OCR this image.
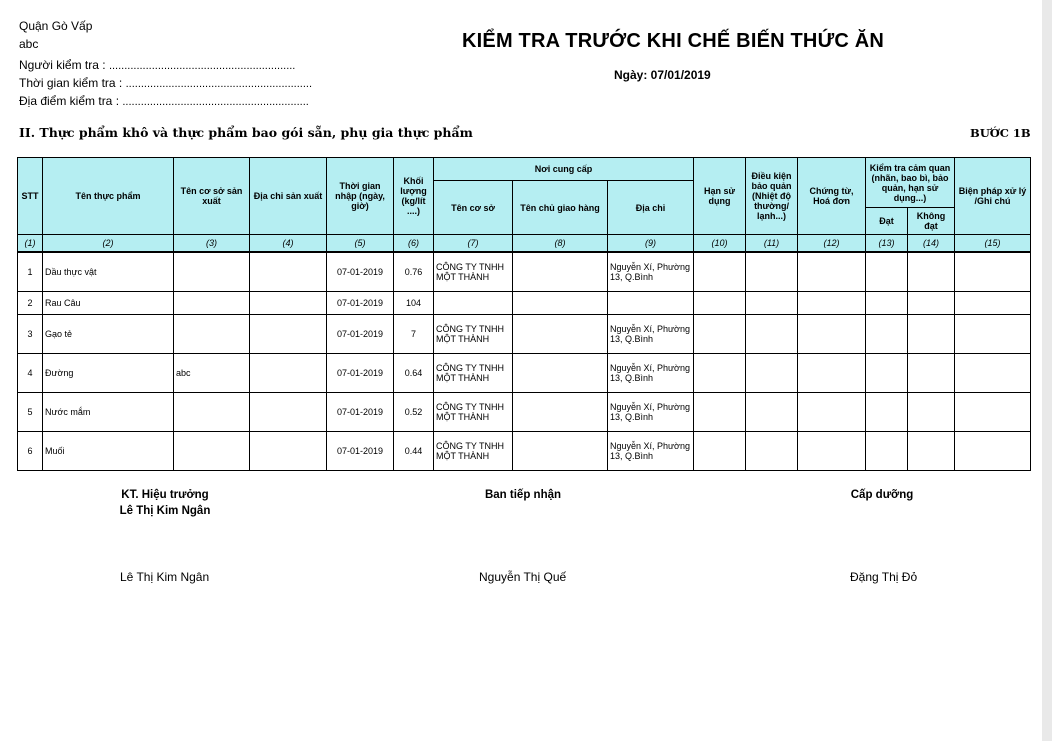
Quận Gò Vấp
abc
Người kiểm tra : .............................................................
Thời gian kiểm tra : .............................................................
Địa điểm kiểm tra : .............................................................
KIỂM TRA TRƯỚC KHI CHẾ BIẾN THỨC ĂN
Ngày: 07/01/2019
II. Thực phẩm khô và thực phẩm bao gói sẵn, phụ gia thực phẩm	BƯỚC 1B
STT	Tên thực phẩm	Tên cơ sở sản xuất	Địa chỉ sản xuất	Thời gian nhập (ngày, giờ)	Khối lượng (kg/lít ....)	Nơi cung cấp			Hạn sử dụng	Điều kiện bảo quản (Nhiệt độ thường/ lạnh...)	Chứng từ, Hoá đơn	Kiểm tra cảm quan (nhãn, bao bì, bảo quản, hạn sử dụng...)		Biện pháp xử lý /Ghi chú
						Tên cơ sở	Tên chủ giao hàng	Địa chỉ						
												Đạt	Không đạt	
(1)	(2)	(3)	(4)	(5)	(6)	(7)	(8)	(9)	(10)	(11)	(12)	(13)	(14)	(15)
1	Dầu thực vật			07-01-2019	0.76	CÔNG TY TNHH MỘT THÀNH		Nguyễn Xí, Phường 13, Q.Bình						
2	Rau Câu			07-01-2019	104									
3	Gạo tẻ			07-01-2019	7	CÔNG TY TNHH MỘT THÀNH		Nguyễn Xí, Phường 13, Q.Bình						
4	Đường	abc		07-01-2019	0.64	CÔNG TY TNHH MỘT THÀNH		Nguyễn Xí, Phường 13, Q.Bình						
5	Nước mắm			07-01-2019	0.52	CÔNG TY TNHH MỘT THÀNH		Nguyễn Xí, Phường 13, Q.Bình						
6	Muối			07-01-2019	0.44	CÔNG TY TNHH MỘT THÀNH		Nguyễn Xí, Phường 13, Q.Bình						
KT. Hiệu trưởng
Lê Thị Kim Ngân
Ban tiếp nhận	Cấp dưỡng
Lê Thị Kim Ngân	Nguyễn Thị Quế	Đặng Thị Đỏ
